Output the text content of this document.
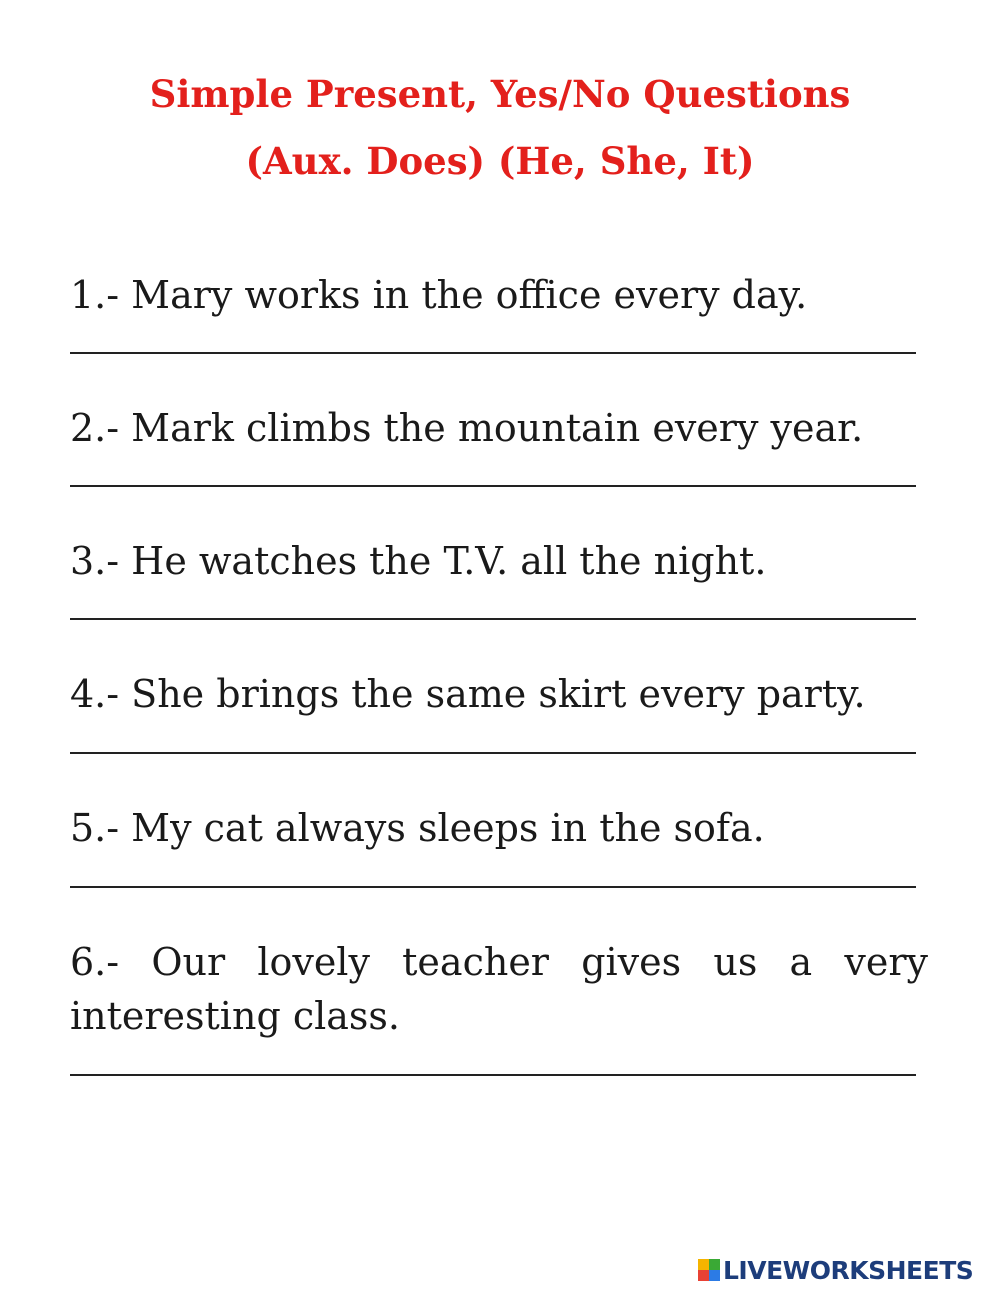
Simple Present, Yes/No Questions
(Aux. Does) (He, She, It)

1.- Mary works in the office every day.

2.- Mark climbs the mountain every year.

3.- He watches the T.V. all the night.

4.- She brings the same skirt every party.

5.- My cat always sleeps in the sofa.

6.- Our lovely teacher gives us a very interesting class.

LIVEWORKSHEETS
